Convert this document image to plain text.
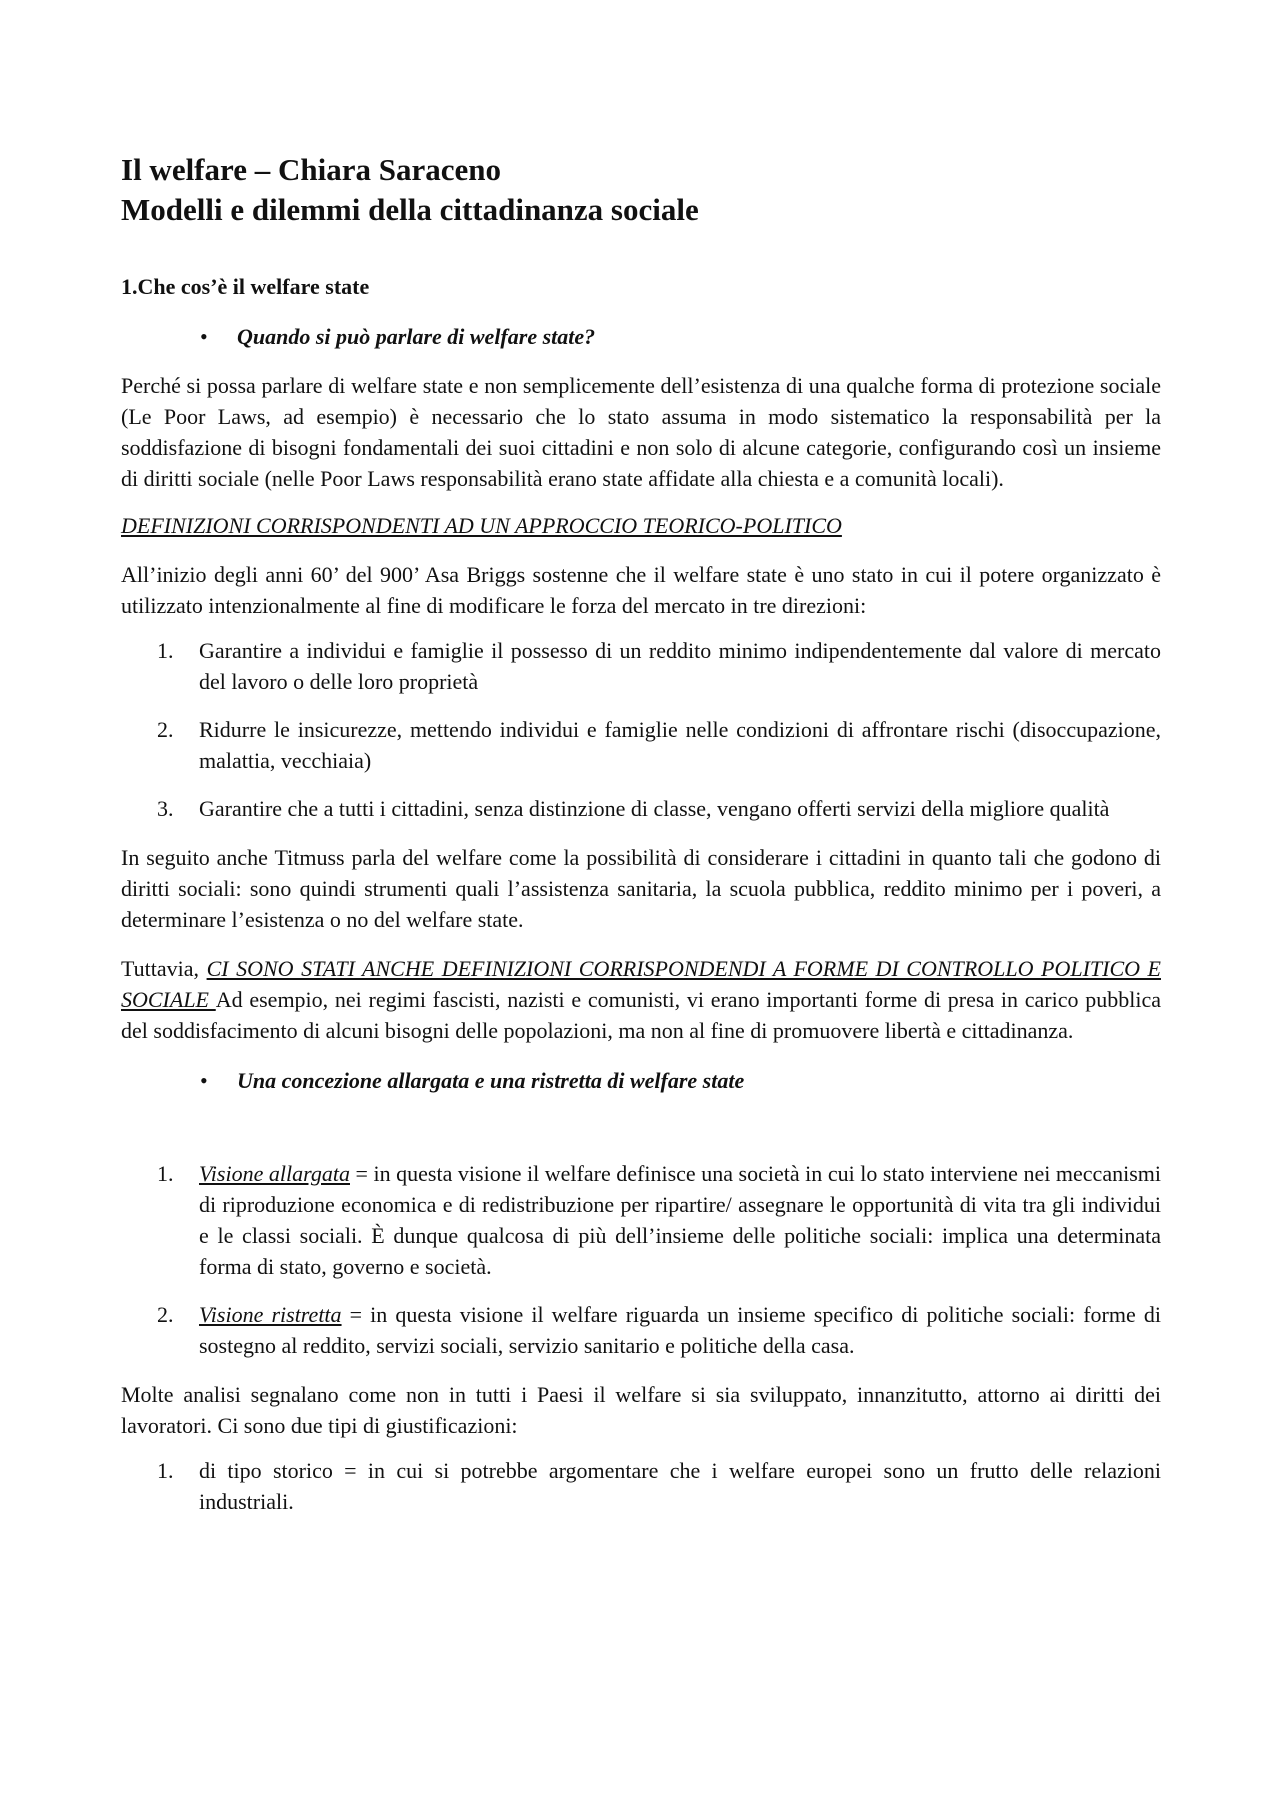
Il welfare – Chiara Saraceno
Modelli e dilemmi della cittadinanza sociale
1.Che cos’è il welfare state
• Quando si può parlare di welfare state?

Perché si possa parlare di welfare state e non semplicemente dell’esistenza di una qualche forma di protezione sociale (Le Poor Laws, ad esempio) è necessario che lo stato assuma in modo sistematico la responsabilità per la soddisfazione di bisogni fondamentali dei suoi cittadini e non solo di alcune categorie, configurando così un insieme di diritti sociale (nelle Poor Laws responsabilità erano state affidate alla chiesta e a comunità locali).

DEFINIZIONI CORRISPONDENTI AD UN APPROCCIO TEORICO-POLITICO

All’inizio degli anni 60’ del 900’ Asa Briggs sostenne che il welfare state è uno stato in cui il potere organizzato è utilizzato intenzionalmente al fine di modificare le forza del mercato in tre direzioni:

1. Garantire a individui e famiglie il possesso di un reddito minimo indipendentemente dal valore di mercato del lavoro o delle loro proprietà
2. Ridurre le insicurezze, mettendo individui e famiglie nelle condizioni di affrontare rischi (disoccupazione, malattia, vecchiaia)
3. Garantire che a tutti i cittadini, senza distinzione di classe, vengano offerti servizi della migliore qualità

In seguito anche Titmuss parla del welfare come la possibilità di considerare i cittadini in quanto tali che godono di diritti sociali: sono quindi strumenti quali l’assistenza sanitaria, la scuola pubblica, reddito minimo per i poveri, a determinare l’esistenza o no del welfare state.

Tuttavia, CI SONO STATI ANCHE DEFINIZIONI CORRISPONDENDI A FORME DI CONTROLLO POLITICO E SOCIALE Ad esempio, nei regimi fascisti, nazisti e comunisti, vi erano importanti forme di presa in carico pubblica del soddisfacimento di alcuni bisogni delle popolazioni, ma non al fine di promuovere libertà e cittadinanza.

• Una concezione allargata e una ristretta di welfare state
1. Visione allargata = in questa visione il welfare definisce una società in cui lo stato interviene nei meccanismi di riproduzione economica e di redistribuzione per ripartire/ assegnare le opportunità di vita tra gli individui e le classi sociali. È dunque qualcosa di più dell’insieme delle politiche sociali: implica una determinata forma di stato, governo e società.
2. Visione ristretta = in questa visione il welfare riguarda un insieme specifico di politiche sociali: forme di sostegno al reddito, servizi sociali, servizio sanitario e politiche della casa.

Molte analisi segnalano come non in tutti i Paesi il welfare si sia sviluppato, innanzitutto, attorno ai diritti dei lavoratori. Ci sono due tipi di giustificazioni:

1. di tipo storico = in cui si potrebbe argomentare che i welfare europei sono un frutto delle relazioni industriali.
